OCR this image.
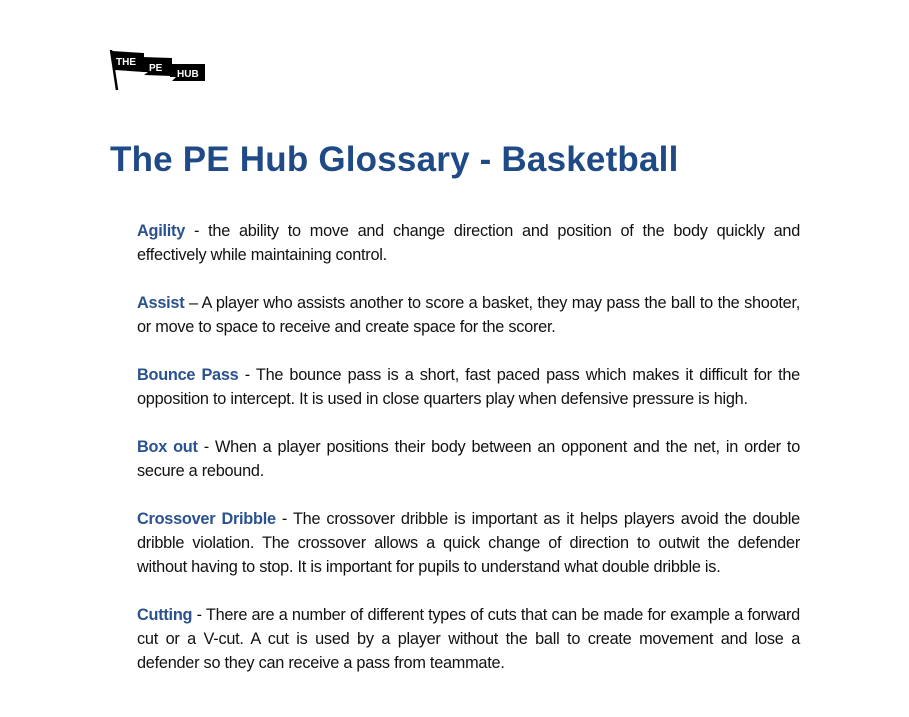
THE
PE
HUB
The PE Hub Glossary - Basketball

Agility - the ability to move and change direction and position of the body quickly and effectively while maintaining control.

Assist – A player who assists another to score a basket, they may pass the ball to the shooter, or move to space to receive and create space for the scorer.

Bounce Pass - The bounce pass is a short, fast paced pass which makes it difficult for the opposition to intercept. It is used in close quarters play when defensive pressure is high.

Box out - When a player positions their body between an opponent and the net, in order to secure a rebound.

Crossover Dribble - The crossover dribble is important as it helps players avoid the double dribble violation. The crossover allows a quick change of direction to outwit the defender without having to stop. It is important for pupils to understand what double dribble is.

Cutting - There are a number of different types of cuts that can be made for example a forward cut or a V-cut. A cut is used by a player without the ball to create movement and lose a defender so they can receive a pass from teammate.
